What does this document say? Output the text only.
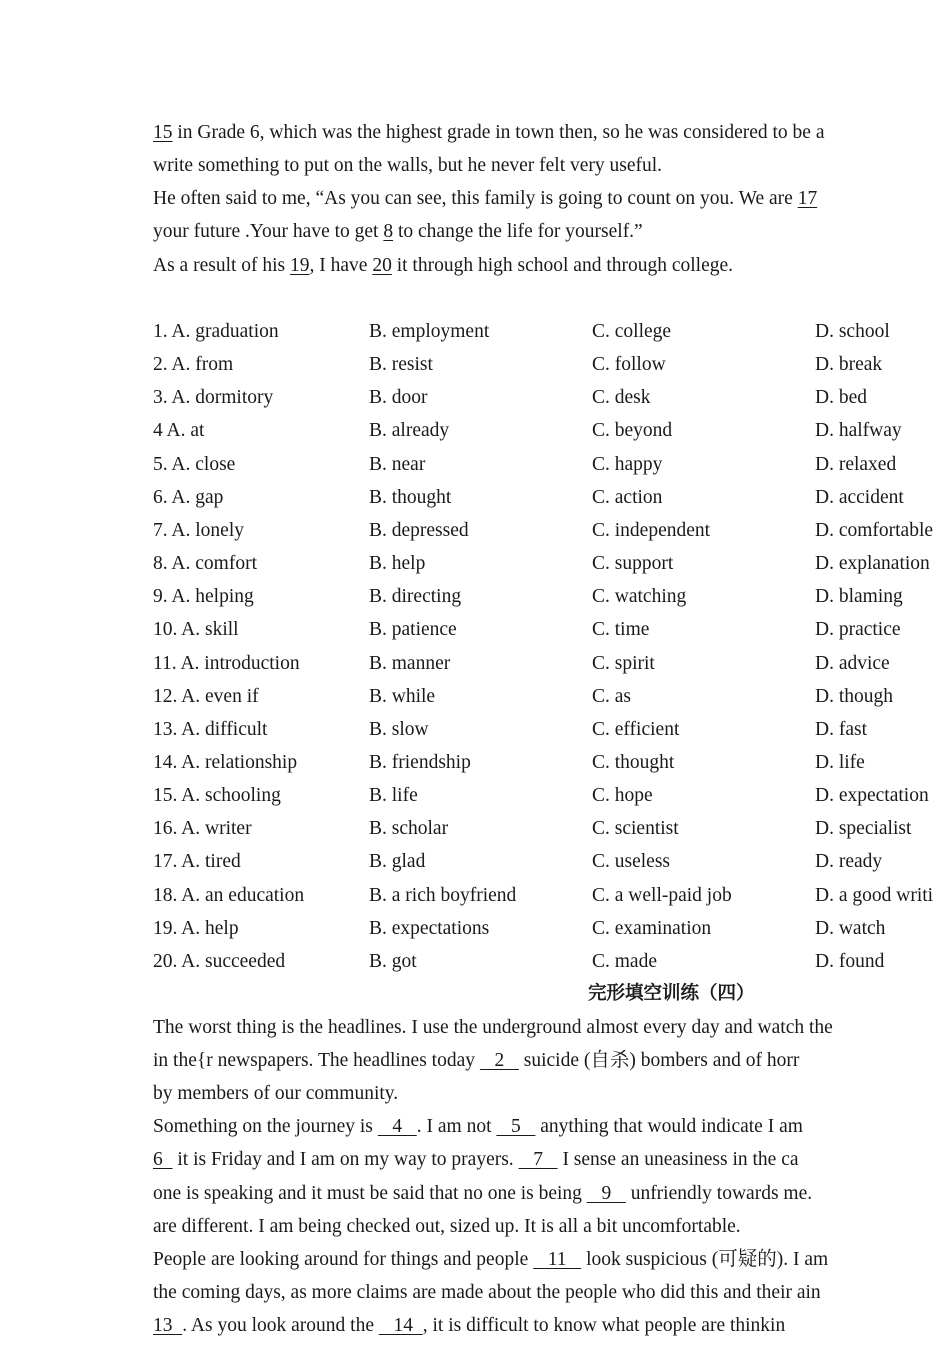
15 in Grade 6, which was the highest grade in town then, so he was considered to be a
write something to put on the walls, but he never felt very useful.
He often said to me, “As you can see, this family is going to count on you. We are 17
your future .Your have to get 8 to change the life for yourself.”
As a result of his 19, I have 20 it through high school and through college.
1. A. graduation	B. employment	C. college	D. school
2. A. from	B. resist	C. follow	D. break
3. A. dormitory	B. door	C. desk	D. bed
4 A. at	B. already	C. beyond	D. halfway
5. A. close	B. near	C. happy	D. relaxed
6. A. gap	B. thought	C. action	D. accident
7. A. lonely	B. depressed	C. independent	D. comfortable
8. A. comfort	B. help	C. support	D. explanation
9. A. helping	B. directing	C. watching	D. blaming
10. A. skill	B. patience	C. time	D. practice
11. A. introduction	B. manner	C. spirit	D. advice
12. A. even if	B. while	C. as	D. though
13. A. difficult	B. slow	C. efficient	D. fast
14. A. relationship	B. friendship	C. thought	D. life
15. A. schooling	B. life	C. hope	D. expectation
16. A. writer	B. scholar	C. scientist	D. specialist
17. A. tired	B. glad	C. useless	D. ready
18. A. an education	B. a rich boyfriend	C. a well-paid job	D. a good writi
19. A. help	B. expectations	C. examination	D. watch
20. A. succeeded	B. got	C. made	D. found
完形填空训练（四）
The worst thing is the headlines. I use the underground almost every day and watch the
in the{r newspapers. The headlines today    2    suicide (自杀) bombers and of horr
by members of our community.
Something on the journey is    4   . I am not    5    anything that would indicate I am
6   it is Friday and I am on my way to prayers.    7    I sense an uneasiness in the ca
one is speaking and it must be said that no one is being    9    unfriendly towards me.
are different. I am being checked out, sized up. It is all a bit uncomfortable.
People are looking around for things and people    11    look suspicious (可疑的). I am
the coming days, as more claims are made about the people who did this and their ain
13  . As you look around the    14  , it is difficult to know what people are thinkin
